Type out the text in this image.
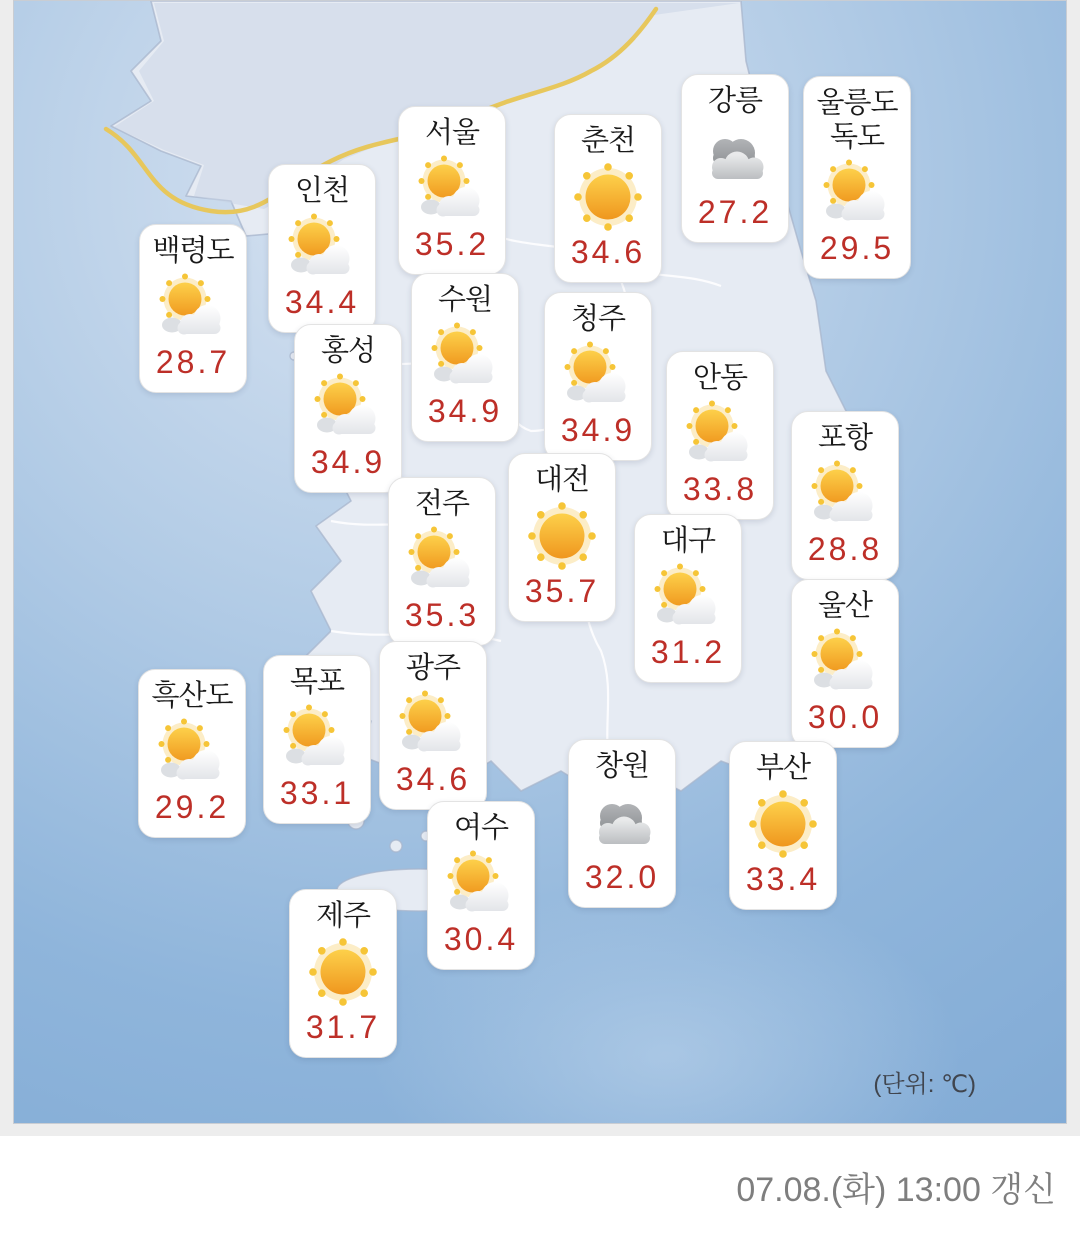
강릉
27.2
울릉도
독도
29.5
서울
35.2
춘천
34.6
인천
34.4
백령도
28.7
수원
34.9
청주
34.9
홍성
34.9
안동
33.8
포항
28.8
대전
35.7
전주
35.3
대구
31.2
울산
30.0
광주
34.6
목포
33.1
흑산도
29.2
창원
32.0
부산
33.4
여수
30.4
제주
31.7
(단위: ℃)
07.08.(화) 13:00 갱신
